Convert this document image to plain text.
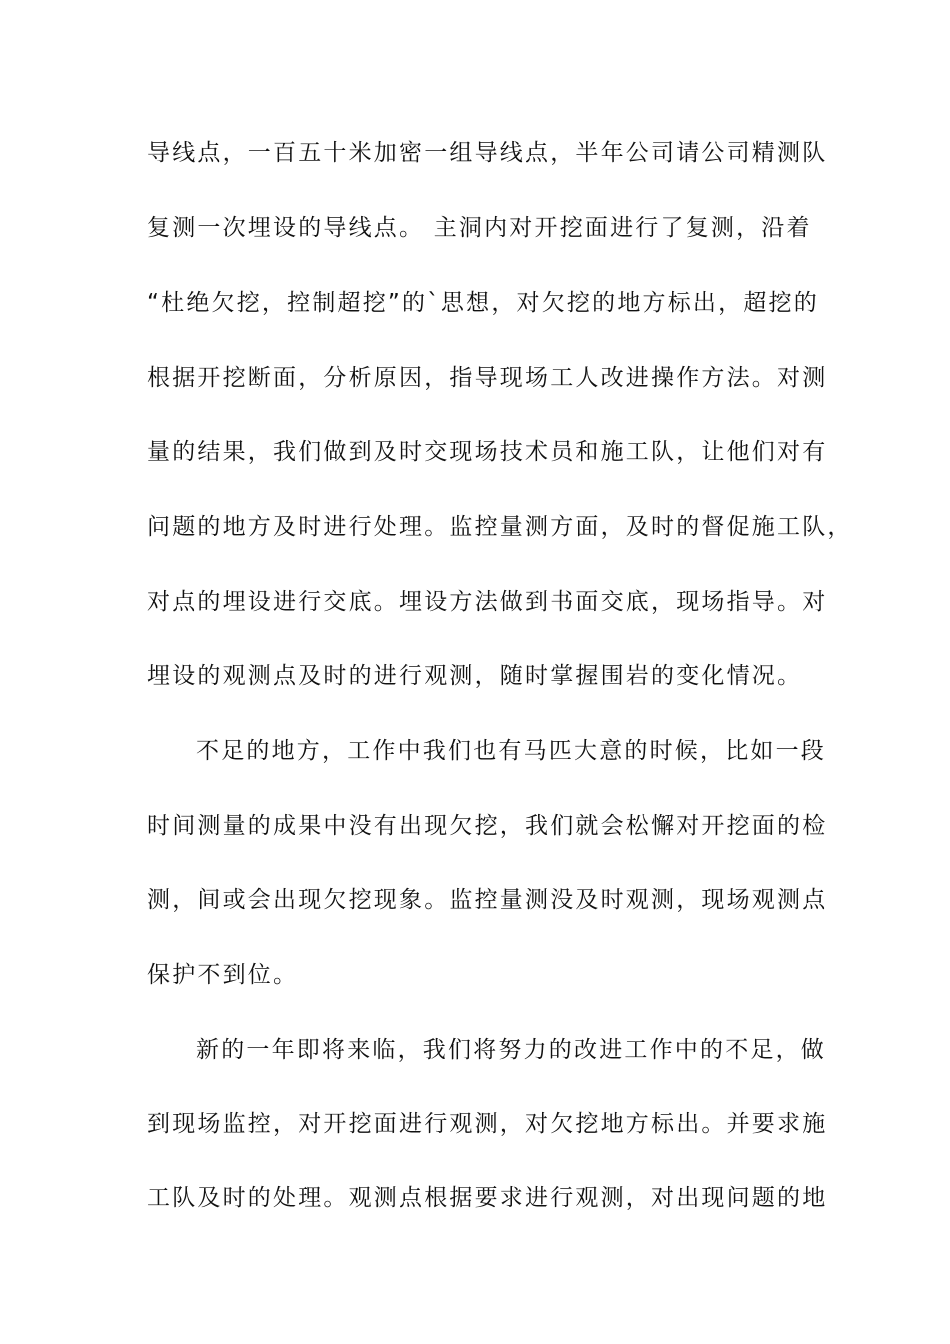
导线点，一百五十米加密一组导线点，半年公司请公司精测队
复测一次埋设的导线点。 主洞内对开挖面进行了复测，沿着
“杜绝欠挖，控制超挖”的`思想，对欠挖的地方标出，超挖的
根据开挖断面，分析原因，指导现场工人改进操作方法。对测
量的结果，我们做到及时交现场技术员和施工队，让他们对有
问题的地方及时进行处理。监控量测方面，及时的督促施工队，
对点的埋设进行交底。埋设方法做到书面交底，现场指导。对
埋设的观测点及时的进行观测，随时掌握围岩的变化情况。
不足的地方，工作中我们也有马匹大意的时候，比如一段
时间测量的成果中没有出现欠挖，我们就会松懈对开挖面的检
测，间或会出现欠挖现象。监控量测没及时观测，现场观测点
保护不到位。
新的一年即将来临，我们将努力的改进工作中的不足，做
到现场监控，对开挖面进行观测，对欠挖地方标出。并要求施
工队及时的处理。观测点根据要求进行观测，对出现问题的地
